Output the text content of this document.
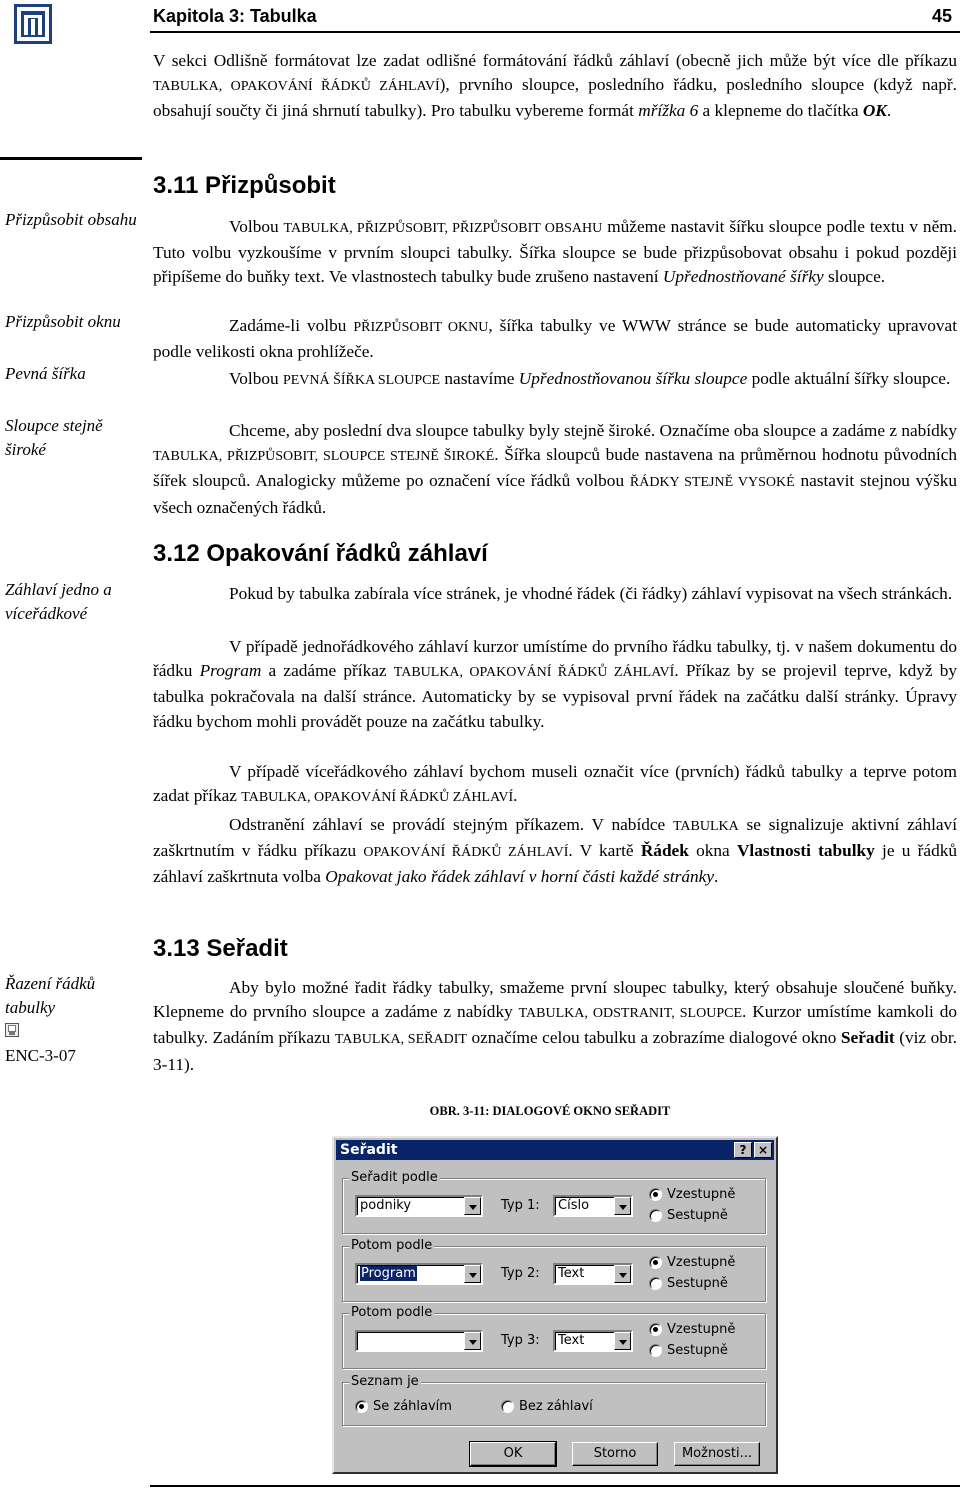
Kapitola 3: Tabulka	45
Přizpůsobit obsahu
Přizpůsobit oknu
Pevná šířka
Sloupce stejně široké
Záhlaví jedno a víceřádkové
Řazení řádků tabulky
ENC-3-07
V sekci Odlišně formátovat lze zadat odlišné formátování řádků záhlaví (obecně jich může být více dle příkazu TABULKA, OPAKOVÁNÍ ŘÁDKŮ ZÁHLAVÍ), prvního sloupce, posledního řádku, posledního sloupce (když např. obsahují součty či jiná shrnutí tabulky). Pro tabulku vybereme formát mřížka 6 a klepneme do tlačítka OK.
3.11 Přizpůsobit
Volbou TABULKA, PŘIZPŮSOBIT, PŘIZPŮSOBIT OBSAHU můžeme nastavit šířku sloupce podle textu v něm. Tuto volbu vyzkoušíme v prvním sloupci tabulky. Šířka sloupce se bude přizpůsobovat obsahu i pokud později připíšeme do buňky text. Ve vlastnostech tabulky bude zrušeno nastavení Upřednostňované šířky sloupce.
Zadáme-li volbu PŘIZPŮSOBIT OKNU, šířka tabulky ve WWW stránce se bude automaticky upravovat podle velikosti okna prohlížeče.
Volbou PEVNÁ ŠÍŘKA SLOUPCE nastavíme Upřednostňovanou šířku sloupce podle aktuální šířky sloupce.
Chceme, aby poslední dva sloupce tabulky byly stejně široké. Označíme oba sloupce a zadáme z nabídky TABULKA, PŘIZPŮSOBIT, SLOUPCE STEJNĚ ŠIROKÉ. Šířka sloupců bude nastavena na průměrnou hodnotu původních šířek sloupců. Analogicky můžeme po označení více řádků volbou ŘÁDKY STEJNĚ VYSOKÉ nastavit stejnou výšku všech označených řádků.
3.12 Opakování řádků záhlaví
Pokud by tabulka zabírala více stránek, je vhodné řádek (či řádky) záhlaví vypisovat na všech stránkách.
V případě jednořádkového záhlaví kurzor umístíme do prvního řádku tabulky, tj. v našem dokumentu do řádku Program a zadáme příkaz TABULKA, OPAKOVÁNÍ ŘÁDKŮ ZÁHLAVÍ. Příkaz by se projevil teprve, když by tabulka pokračovala na další stránce. Automaticky by se vypisoval první řádek na začátku další stránky. Úpravy řádku bychom mohli provádět pouze na začátku tabulky.
V případě víceřádkového záhlaví bychom museli označit více (prvních) řádků tabulky a teprve potom zadat příkaz TABULKA, OPAKOVÁNÍ ŘÁDKŮ ZÁHLAVÍ.
Odstranění záhlaví se provádí stejným příkazem. V nabídce TABULKA se signalizuje aktivní záhlaví zaškrtnutím v řádku příkazu OPAKOVÁNÍ ŘÁDKŮ ZÁHLAVÍ. V kartě Řádek okna Vlastnosti tabulky je u řádků záhlaví zaškrtnuta volba Opakovat jako řádek záhlaví v horní části každé stránky.
3.13 Seřadit
Aby bylo možné řadit řádky tabulky, smažeme první sloupec tabulky, který obsahuje sloučené buňky. Klepneme do prvního sloupce a zadáme z nabídky TABULKA, ODSTRANIT, SLOUPCE. Kurzor umístíme kamkoli do tabulky. Zadáním příkazu TABULKA, SEŘADIT označíme celou tabulku a zobrazíme dialogové okno Seřadit (viz obr. 3-11).
OBR. 3-11: DIALOGOVÉ OKNO SEŘADIT
Seřadit	? ×
Seřadit podle
podniky	Typ 1:	Číslo
Vzestupně
Sestupně
Potom podle
Program	Typ 2:	Text
Vzestupně
Sestupně
Potom podle
Typ 3:	Text
Vzestupně
Sestupně
Seznam je
Se záhlavím	Bez záhlaví
OK	Storno	Možnosti...
